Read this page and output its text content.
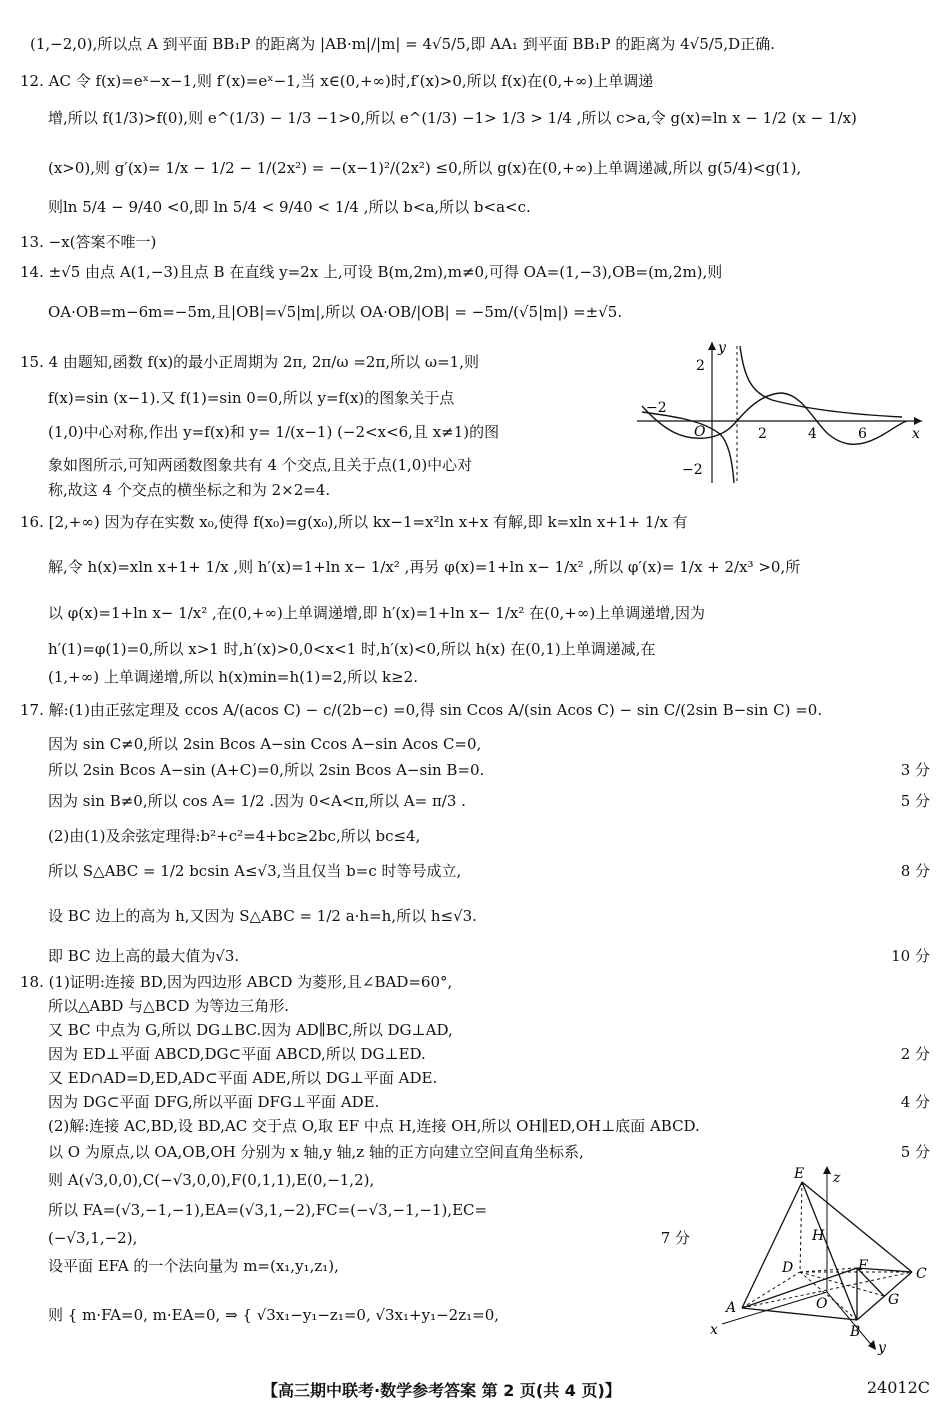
(1,−2,0),所以点 A 到平面 BB₁P 的距离为 |AB·m|/|m| = 4√5/5,即 AA₁ 到平面 BB₁P 的距离为 4√5/5,D正确.
12. AC 令 f(x)=eˣ−x−1,则 f′(x)=eˣ−1,当 x∈(0,+∞)时,f′(x)>0,所以 f(x)在(0,+∞)上单调递
增,所以 f(1/3)>f(0),则 e^(1/3) − 1/3 −1>0,所以 e^(1/3) −1> 1/3 > 1/4 ,所以 c>a,令 g(x)=ln x − 1/2 (x − 1/x)
(x>0),则 g′(x)= 1/x − 1/2 − 1/(2x²) = −(x−1)²/(2x²) ≤0,所以 g(x)在(0,+∞)上单调递减,所以 g(5/4)<g(1),
则ln 5/4 − 9/40 <0,即 ln 5/4 < 9/40 < 1/4 ,所以 b<a,所以 b<a<c.
13. −x(答案不唯一)
14. ±√5 由点 A(1,−3)且点 B 在直线 y=2x 上,可设 B(m,2m),m≠0,可得 OA=(1,−3),OB=(m,2m),则
OA·OB=m−6m=−5m,且|OB|=√5|m|,所以 OA·OB/|OB| = −5m/(√5|m|) =±√5.
15. 4 由题知,函数 f(x)的最小正周期为 2π, 2π/ω =2π,所以 ω=1,则
f(x)=sin (x−1).又 f(1)=sin 0=0,所以 y=f(x)的图象关于点
(1,0)中心对称,作出 y=f(x)和 y= 1/(x−1) (−2<x<6,且 x≠1)的图
象如图所示,可知两函数图象共有 4 个交点,且关于点(1,0)中心对
称,故这 4 个交点的横坐标之和为 2×2=4.
16. [2,+∞) 因为存在实数 x₀,使得 f(x₀)=g(x₀),所以 kx−1=x²ln x+x 有解,即 k=xln x+1+ 1/x 有
解,令 h(x)=xln x+1+ 1/x ,则 h′(x)=1+ln x− 1/x² ,再另 φ(x)=1+ln x− 1/x² ,所以 φ′(x)= 1/x + 2/x³ >0,所
以 φ(x)=1+ln x− 1/x² ,在(0,+∞)上单调递增,即 h′(x)=1+ln x− 1/x² 在(0,+∞)上单调递增,因为
h′(1)=φ(1)=0,所以 x>1 时,h′(x)>0,0<x<1 时,h′(x)<0,所以 h(x) 在(0,1)上单调递减,在
(1,+∞) 上单调递增,所以 h(x)min=h(1)=2,所以 k≥2.
17. 解:(1)由正弦定理及 ccos A/(acos C) − c/(2b−c) =0,得 sin Ccos A/(sin Acos C) − sin C/(2sin B−sin C) =0.
因为 sin C≠0,所以 2sin Bcos A−sin Ccos A−sin Acos C=0,
所以 2sin Bcos A−sin (A+C)=0,所以 2sin Bcos A−sin B=0.	3 分
因为 sin B≠0,所以 cos A= 1/2 .因为 0<A<π,所以 A= π/3 .	5 分
(2)由(1)及余弦定理得:b²+c²=4+bc≥2bc,所以 bc≤4,
所以 S△ABC = 1/2 bcsin A≤√3,当且仅当 b=c 时等号成立,	8 分
设 BC 边上的高为 h,又因为 S△ABC = 1/2 a·h=h,所以 h≤√3.
即 BC 边上高的最大值为√3.	10 分
18. (1)证明:连接 BD,因为四边形 ABCD 为菱形,且∠BAD=60°,
所以△ABD 与△BCD 为等边三角形.
又 BC 中点为 G,所以 DG⊥BC.因为 AD∥BC,所以 DG⊥AD,
因为 ED⊥平面 ABCD,DG⊂平面 ABCD,所以 DG⊥ED.	2 分
又 ED∩AD=D,ED,AD⊂平面 ADE,所以 DG⊥平面 ADE.
因为 DG⊂平面 DFG,所以平面 DFG⊥平面 ADE.	4 分
(2)解:连接 AC,BD,设 BD,AC 交于点 O,取 EF 中点 H,连接 OH,所以 OH∥ED,OH⊥底面 ABCD.
以 O 为原点,以 OA,OB,OH 分别为 x 轴,y 轴,z 轴的正方向建立空间直角坐标系,	5 分
则 A(√3,0,0),C(−√3,0,0),F(0,1,1),E(0,−1,2),
所以 FA=(√3,−1,−1),EA=(√3,1,−2),FC=(−√3,−1,−1),EC=
(−√3,1,−2),	7 分
设平面 EFA 的一个法向量为 m=(x₁,y₁,z₁),
则 { m·FA=0, m·EA=0, ⇒ { √3x₁−y₁−z₁=0, √3x₁+y₁−2z₁=0,
2
−2
−2
2	4	6
O	x
y
E z
H
D	F	C
O	G
A
B
x
y
【高三期中联考·数学参考答案 第 2 页(共 4 页)】	24012C
